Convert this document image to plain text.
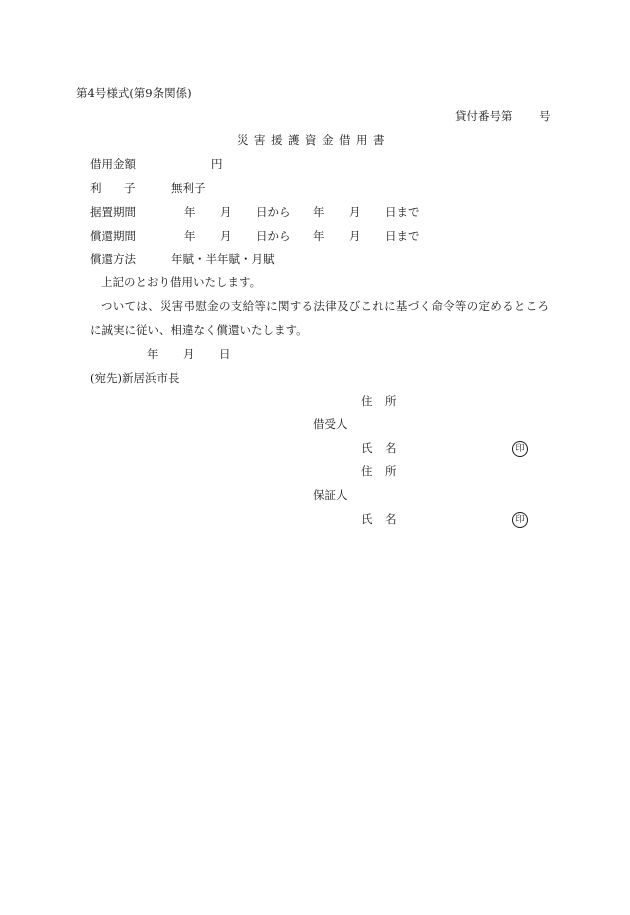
第4号様式(第9条関係)
貸付番号第 号
災 害 援 護 資 金 借 用 書
借用金額	円
利 子	無利子
据置期間	年 月 日から 年 月 日まで
償還期間	年 月 日から 年 月 日まで
償還方法	年賦・半年賦・月賦
上記のとおり借用いたします。
ついては、災害弔慰金の支給等に関する法律及びこれに基づく命令等の定めるところ
に誠実に従い、相違なく償還いたします。
年 月 日
(宛先)新居浜市長
住 所
借受人
氏 名	印
住 所
保証人
氏 名	印
